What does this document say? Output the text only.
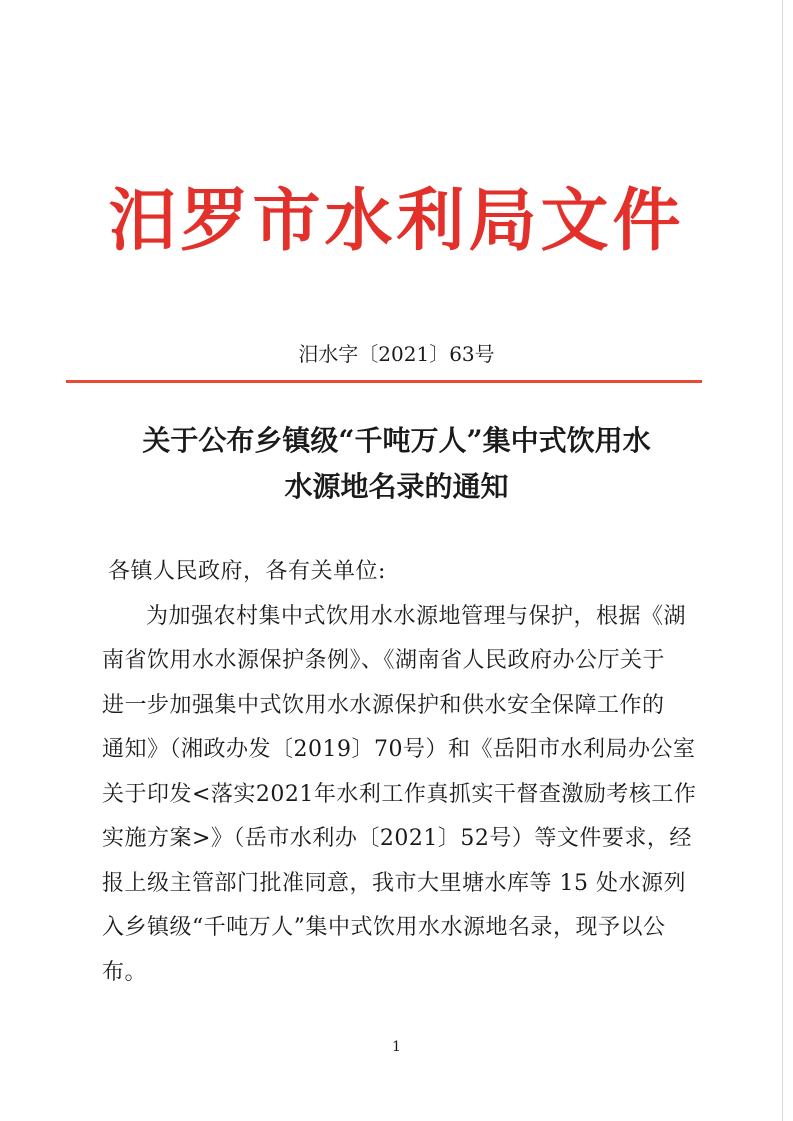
汨罗市水利局文件
汨水字〔2021〕63号
关于公布乡镇级“千吨万人”集中式饮用水
水源地名录的通知
各镇人民政府，各有关单位:
为加强农村集中式饮用水水源地管理与保护，根据《湖
南省饮用水水源保护条例》、《湖南省人民政府办公厅关于
进一步加强集中式饮用水水源保护和供水安全保障工作的
通知》（湘政办发〔2019〕70号）和《岳阳市水利局办公室
关于印发<落实2021年水利工作真抓实干督查激励考核工作
实施方案>》（岳市水利办〔2021〕52号）等文件要求，经
报上级主管部门批准同意，我市大里塘水库等 15 处水源列
入乡镇级“千吨万人”集中式饮用水水源地名录，现予以公
布。
1
